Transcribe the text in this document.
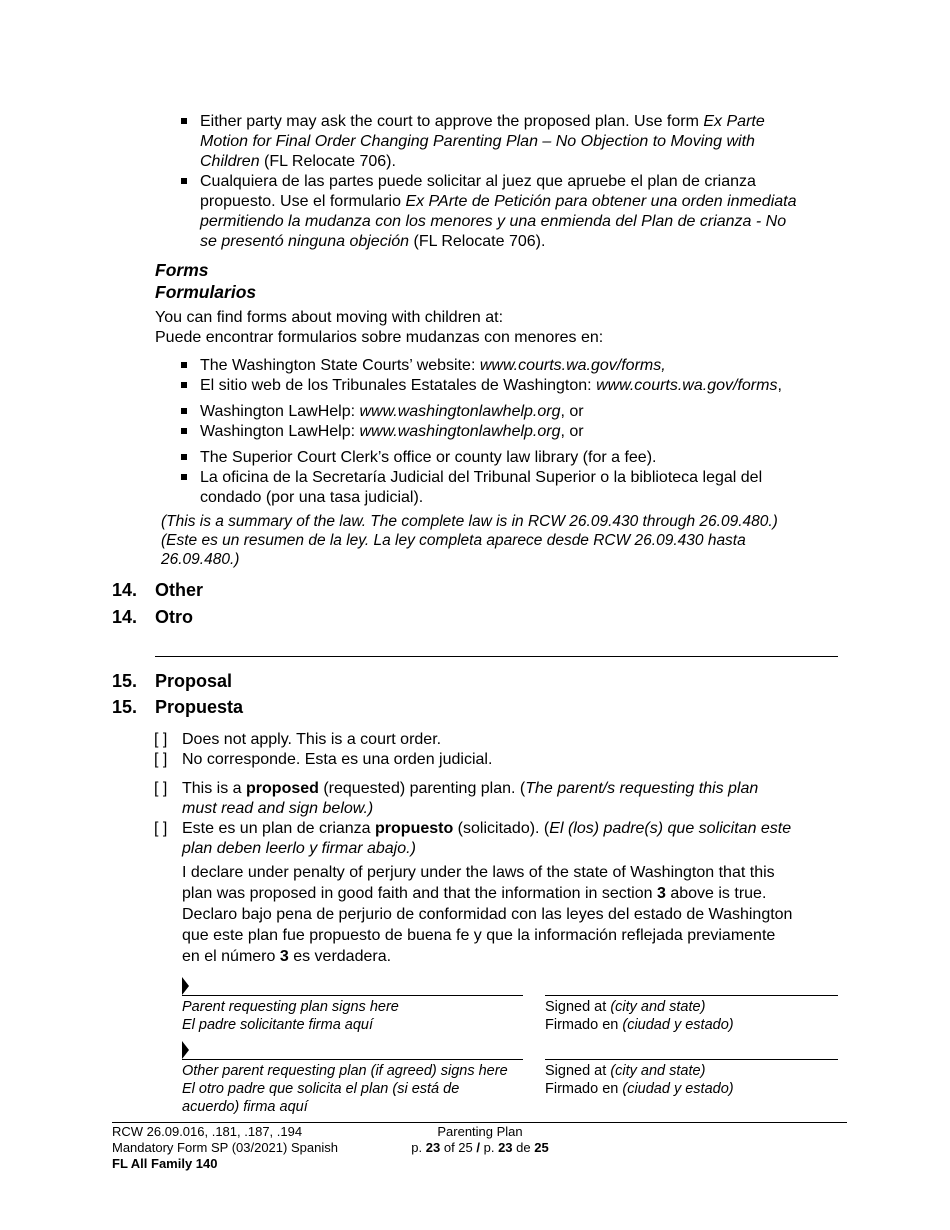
Either party may ask the court to approve the proposed plan. Use form Ex Parte
Motion for Final Order Changing Parenting Plan – No Objection to Moving with
Children (FL Relocate 706).
Cualquiera de las partes puede solicitar al juez que apruebe el plan de crianza
propuesto. Use el formulario Ex PArte de Petición para obtener una orden inmediata
permitiendo la mudanza con los menores y una enmienda del Plan de crianza - No
se presentó ninguna objeción (FL Relocate 706).
Forms
Formularios
You can find forms about moving with children at:
Puede encontrar formularios sobre mudanzas con menores en:
The Washington State Courts’ website: www.courts.wa.gov/forms,
El sitio web de los Tribunales Estatales de Washington: www.courts.wa.gov/forms,
Washington LawHelp: www.washingtonlawhelp.org, or
Washington LawHelp: www.washingtonlawhelp.org, or
The Superior Court Clerk’s office or county law library (for a fee).
La oficina de la Secretaría Judicial del Tribunal Superior o la biblioteca legal del
condado (por una tasa judicial).
(This is a summary of the law. The complete law is in RCW 26.09.430 through 26.09.480.)
(Este es un resumen de la ley. La ley completa aparece desde RCW 26.09.430 hasta
26.09.480.)
14. Other
14. Otro
15. Proposal
15. Propuesta
[ ] Does not apply. This is a court order.
[ ] No corresponde. Esta es una orden judicial.
[ ] This is a proposed (requested) parenting plan. (The parent/s requesting this plan
must read and sign below.)
[ ] Este es un plan de crianza propuesto (solicitado). (El (los) padre(s) que solicitan este
plan deben leerlo y firmar abajo.)
I declare under penalty of perjury under the laws of the state of Washington that this
plan was proposed in good faith and that the information in section 3 above is true.
Declaro bajo pena de perjurio de conformidad con las leyes del estado de Washington
que este plan fue propuesto de buena fe y que la información reflejada previamente
en el número 3 es verdadera.
Parent requesting plan signs here
El padre solicitante firma aquí
Signed at (city and state)
Firmado en (ciudad y estado)
Other parent requesting plan (if agreed) signs here
El otro padre que solicita el plan (si está de
acuerdo) firma aquí
Signed at (city and state)
Firmado en (ciudad y estado)
RCW 26.09.016, .181, .187, .194
Mandatory Form SP (03/2021) Spanish
FL All Family 140
Parenting Plan
p. 23 of 25 / p. 23 de 25
